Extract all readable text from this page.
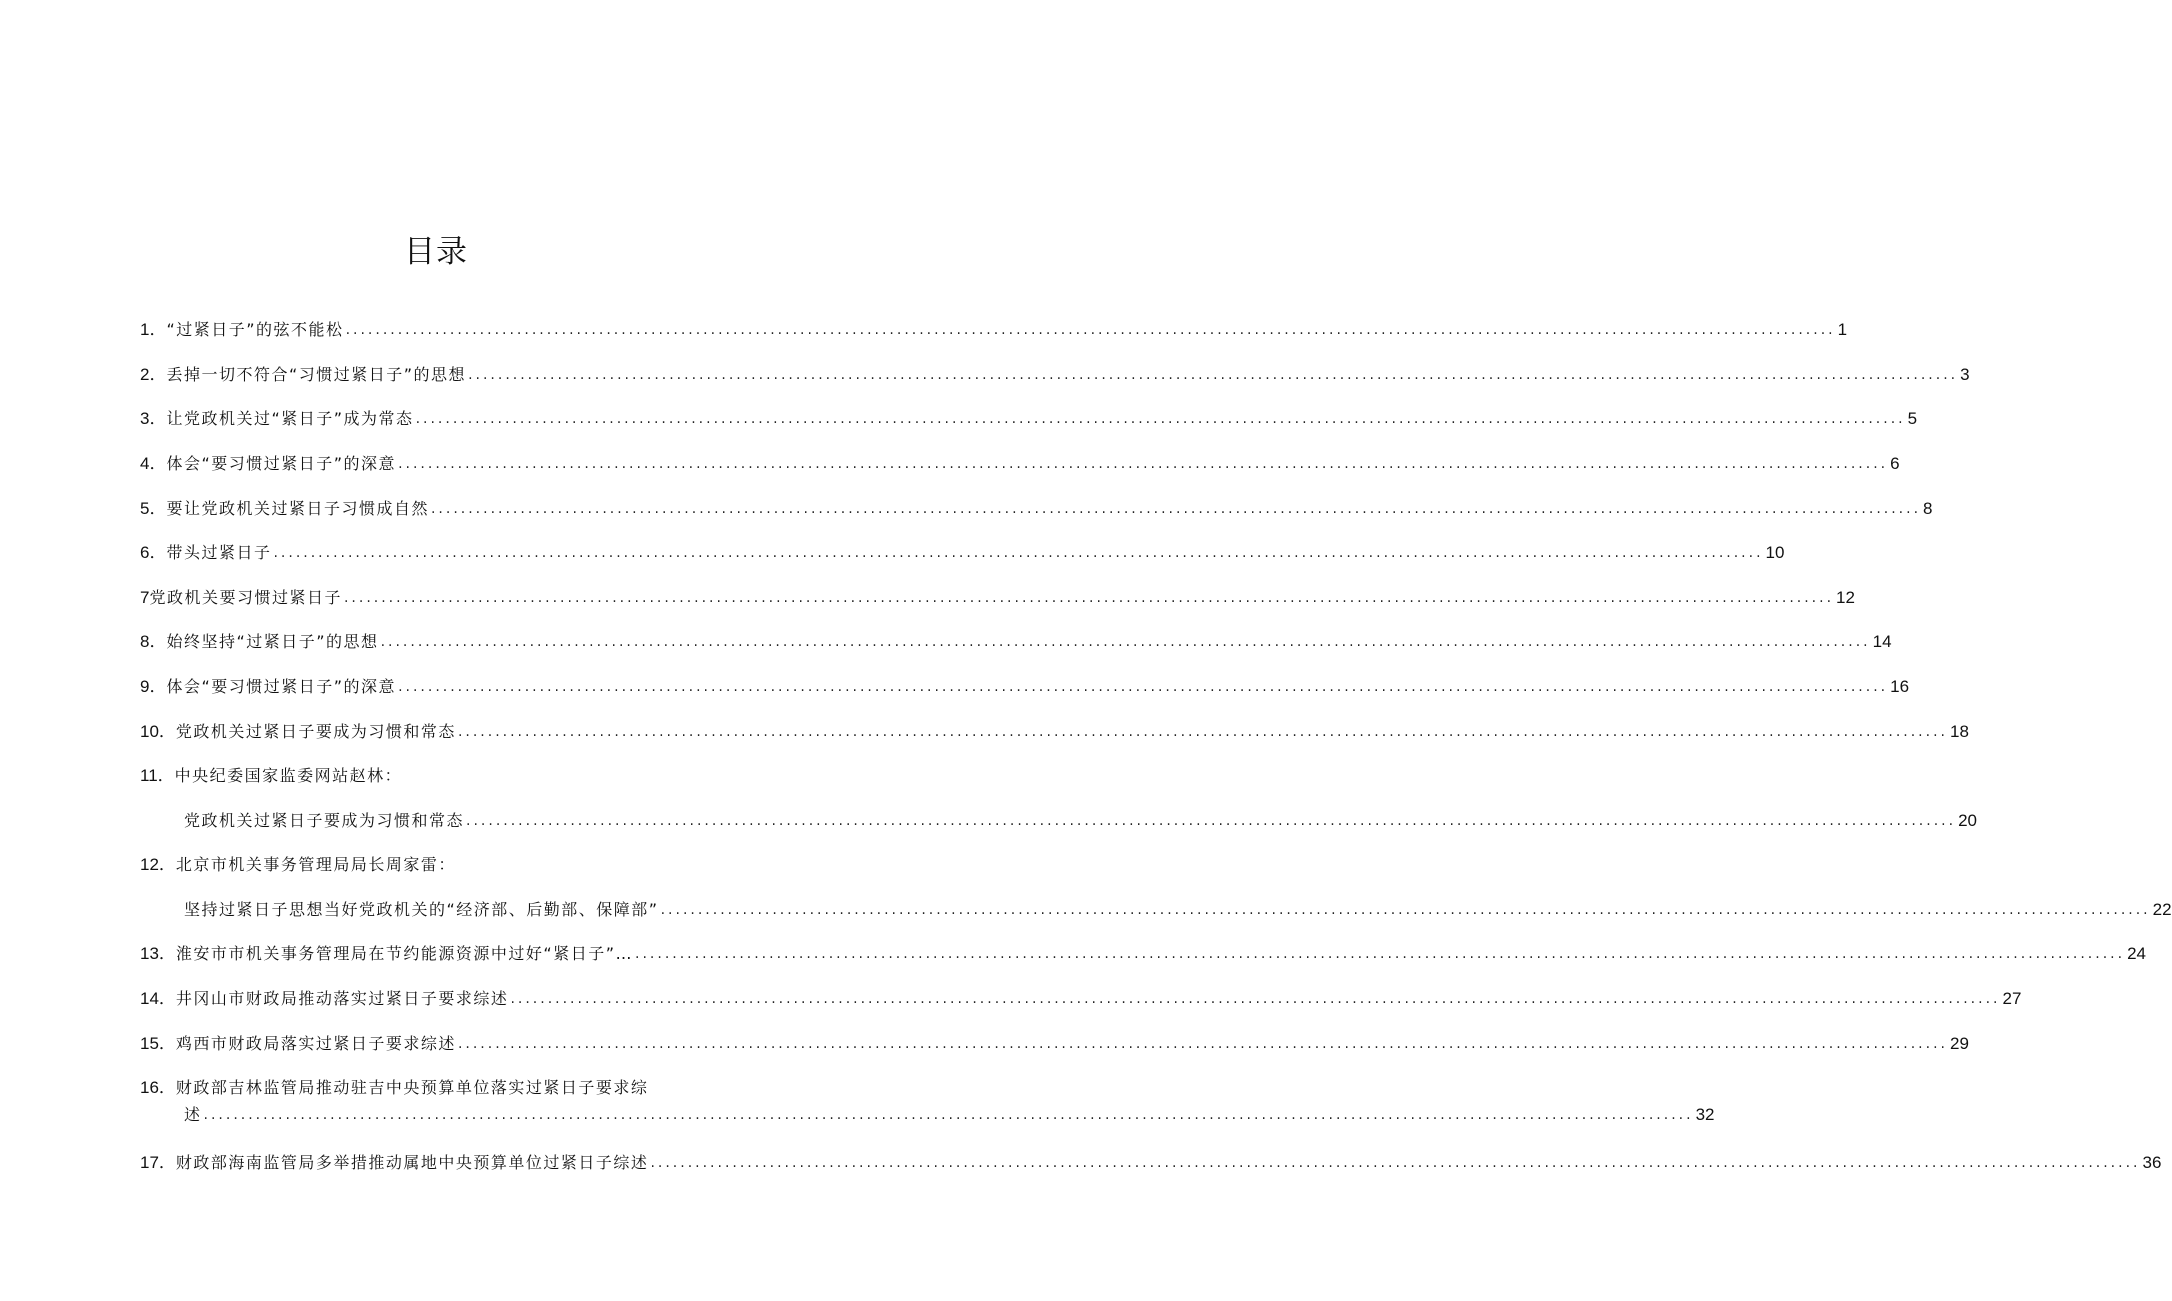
目录
1． “过紧日子”的弦不能松 ........................................................................................................................................................................................................ 1
2． 丢掉一切不符合“习惯过紧日子”的思想 ........................................................................................................................................................................................................ 3
3． 让党政机关过“紧日子”成为常态 ........................................................................................................................................................................................................ 5
4． 体会“要习惯过紧日子”的深意 ........................................................................................................................................................................................................ 6
5． 要让党政机关过紧日子习惯成自然 ........................................................................................................................................................................................................ 8
6． 带头过紧日子 ........................................................................................................................................................................................................ 10
7 党政机关要习惯过紧日子 ........................................................................................................................................................................................................ 12
8． 始终坚持“过紧日子”的思想 ........................................................................................................................................................................................................ 14
9． 体会“要习惯过紧日子”的深意 ........................................................................................................................................................................................................ 16
10． 党政机关过紧日子要成为习惯和常态 ........................................................................................................................................................................................................ 18
11． 中央纪委国家监委网站赵林：
党政机关过紧日子要成为习惯和常态 ........................................................................................................................................................................................................ 20
12． 北京市机关事务管理局局长周家雷：
坚持过紧日子思想当好党政机关的“经济部、后勤部、保障部” ........................................................................................................................................................................................................ 22
13． 淮安市市机关事务管理局在节约能源资源中过好“紧日子”… ........................................................................................................................................................................................................ 24
14． 井冈山市财政局推动落实过紧日子要求综述 ........................................................................................................................................................................................................ 27
15． 鸡西市财政局落实过紧日子要求综述 ........................................................................................................................................................................................................ 29
16． 财政部吉林监管局推动驻吉中央预算单位落实过紧日子要求综
述 ........................................................................................................................................................................................................ 32
17． 财政部海南监管局多举措推动属地中央预算单位过紧日子综述 ........................................................................................................................................................................................................ 36
